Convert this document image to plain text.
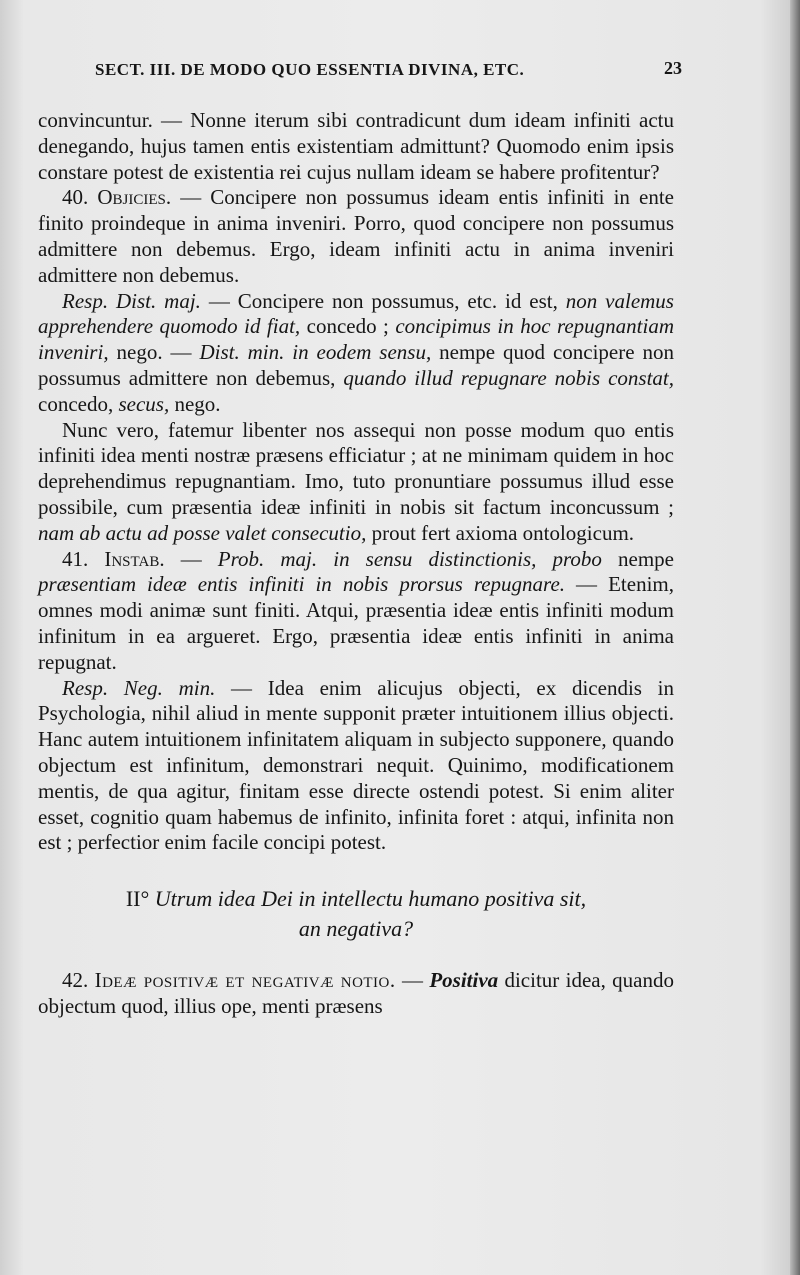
SECT. III. DE MODO QUO ESSENTIA DIVINA, ETC.	23

convincuntur. — Nonne iterum sibi contradicunt dum ideam infiniti actu denegando, hujus tamen entis existentiam admittunt? Quomodo enim ipsis constare potest de existentia rei cujus nullam ideam se habere profitentur?

40. Objicies. — Concipere non possumus ideam entis infiniti in ente finito proindeque in anima inveniri. Porro, quod concipere non possumus admittere non debemus. Ergo, ideam infiniti actu in anima inveniri admittere non debemus.

Resp. Dist. maj. — Concipere non possumus, etc. id est, non valemus apprehendere quomodo id fiat, concedo ; concipimus in hoc repugnantiam inveniri, nego. — Dist. min. in eodem sensu, nempe quod concipere non possumus admittere non debemus, quando illud repugnare nobis constat, concedo, secus, nego.

Nunc vero, fatemur libenter nos assequi non posse modum quo entis infiniti idea menti nostræ præsens efficiatur ; at ne minimam quidem in hoc deprehendimus repugnantiam. Imo, tuto pronuntiare possumus illud esse possibile, cum præsentia ideæ infiniti in nobis sit factum inconcussum ; nam ab actu ad posse valet consecutio, prout fert axioma ontologicum.

41. Instab. — Prob. maj. in sensu distinctionis, probo nempe præsentiam ideæ entis infiniti in nobis prorsus repugnare. — Etenim, omnes modi animæ sunt finiti. Atqui, præsentia ideæ entis infiniti modum infinitum in ea argueret. Ergo, præsentia ideæ entis infiniti in anima repugnat.

Resp. Neg. min. — Idea enim alicujus objecti, ex dicendis in Psychologia, nihil aliud in mente supponit præter intuitionem illius objecti. Hanc autem intuitionem infinitatem aliquam in subjecto supponere, quando objectum est infinitum, demonstrari nequit. Quinimo, modificationem mentis, de qua agitur, finitam esse directe ostendi potest. Si enim aliter esset, cognitio quam habemus de infinito, infinita foret : atqui, infinita non est ; perfectior enim facile concipi potest.

II° Utrum idea Dei in intellectu humano positiva sit,
an negativa?

42. Ideæ positivæ et negativæ notio. — Positiva dicitur idea, quando objectum quod, illius ope, menti præsens
